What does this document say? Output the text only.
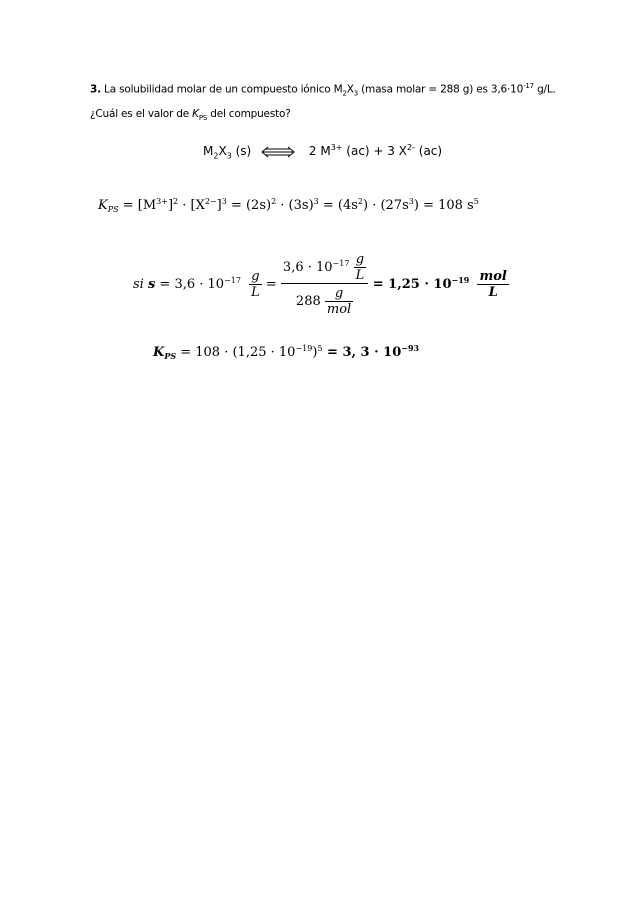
3. La solubilidad molar de un compuesto iónico $M_2X_3$ (masa molar = 288 g) es $3,6\cdot 10^{-17}$ g/L. ¿Cuál es el valor de $K_{PS}$ del compuesto?

$M_2X_3$ (s)	2 $M^{3+}$ (ac) + 3 $X^{2-}$ (ac)
$K_{PS} = [M^{3+}]^2 \cdot [X^{2-}]^3 = (2s)^2 \cdot (3s)^3 = (4s^2) \cdot (27s^3) = 108$ $s^5$
si $s = 3,6 \cdot 10^{-17} \frac{g}{L} = \frac{3,6 \cdot 10^{-17} \frac{g}{L}}{288 \frac{g}{\text{mol}}} = 1,25 \cdot 10^{-19} \frac{\text{mol}}{L}$
$K_{PS} = 108 \cdot (1,25 \cdot 10^{-19})^5 = 3$, $3 \cdot 10^{-93}$
